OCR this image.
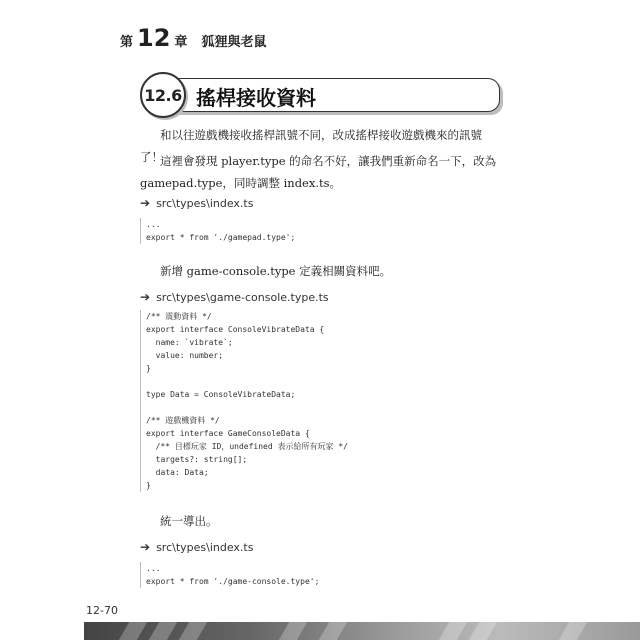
第 12 章 狐狸與老鼠
12.6 搖桿接收資料
和以往遊戲機接收搖桿訊號不同，改成搖桿接收遊戲機來的訊號了！
這裡會發現 player.type 的命名不好，讓我們重新命名一下，改為 gamepad.type，同時調整 index.ts。
➔ src\types\index.ts
...
export * from './gamepad.type';
新增 game-console.type 定義相關資料吧。
➔ src\types\game-console.type.ts
/** 震動資料 */
export interface ConsoleVibrateData {
name: `vibrate`;
value: number;
}
type Data = ConsoleVibrateData;
/** 遊戲機資料 */
export interface GameConsoleData {
/** 目標玩家 ID，undefined 表示給所有玩家 */
targets?: string[];
data: Data;
}
統一導出。
➔ src\types\index.ts
...
export * from './game-console.type';
12-70
